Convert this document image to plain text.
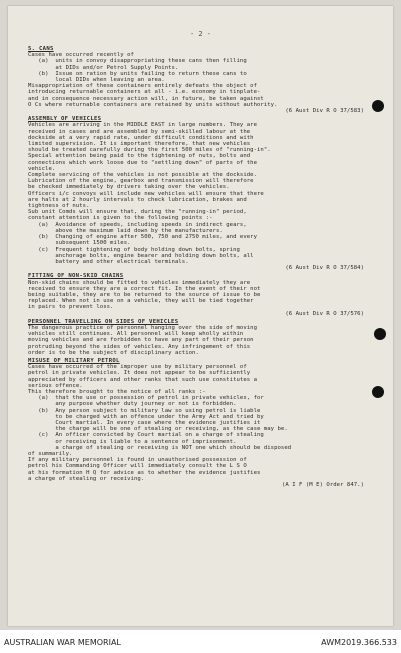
- 2 -
5. CANS
Cases have occurred recently of
(a)  units in convoy disappropriating these cans then filling
at DIDs and/or Petrol Supply Points.
(b)  Issue on ration by units failing to return these cans to
local DIDs when leaving an area.
Misappropriation of these containers entirely defeats the object of
introducing returnable containers at all - i.e. economy in tinplate-
and in consequence necessary action will, in future, be taken against
O Cs where returnable containers are retained by units without authority.
(6 Aust Div R O 37/583)
ASSEMBLY OF VEHICLES
Vehicles are arriving in the MIDDLE EAST in large numbers. They are
received in cases and are assembled by semi-skilled labour at the
dockside at a very rapid rate, under difficult conditions and with
limited supervision. It is important therefore, that new vehicles
should be treated carefully during the first 500 miles of "running-in".
Special attention being paid to the tightening of nuts, bolts and
connections which work loose due to "settling down" of parts of the
vehicle.
Complete servicing of the vehicles is not possible at the dockside.
Lubrication of the engine, gearbox and transmission will therefore
be checked immediately by drivers taking over the vehicles.
Officers i/c convoys will include new vehicles will ensure that there
are halts at 2 hourly intervals to check lubrication, brakes and
tightness of nuts.
Sub unit Comds will ensure that, during the "running-in" period,
constant attention is given to the following points :-
(a)  Avoidance of speeds, including speeds in indirect gears,
above the maximum laid down by the manufacturers.
(b)  Changing of engine after 500, 750 and 2750 miles, and every
subsequent 1500 miles.
(c)  Frequent tightening of body holding down bolts, spring
anchorage bolts, engine bearer and holding down bolts, all
battery and other electrical terminals.
(6 Aust Div R O 37/584)
FITTING OF NON-SKID CHAINS
Non-skid chains should be fitted to vehicles immediately they are
received to ensure they are a correct fit. In the event of their not
being suitable, they are to be returned to the source of issue to be
replaced. When not in use on a vehicle, they will be tied together
in pairs to prevent loss.
(6 Aust Div R O 37/576)
PERSONNEL TRAVELLING ON SIDES OF VEHICLES
The dangerous practice of personnel hanging over the side of moving
vehicles still continues. All personnel will keep wholly within
moving vehicles and are forbidden to have any part of their person
protruding beyond the sides of vehicles. Any infringement of this
order is to be the subject of disciplinary action.
MISUSE OF MILITARY PETROL
Cases have occurred of the improper use by military personnel of
petrol in private vehicles. It does not appear to be sufficiently
appreciated by officers and other ranks that such use constitutes a
serious offence.
This therefore brought to the notice of all ranks :-
(a)  that the use or possession of petrol in private vehicles, for
any purpose whether duty journey or not is forbidden.
(b)  Any person subject to military law so using petrol is liable
to be charged with an offence under the Army Act and tried by
Court martial. In every case where the evidence justifies it
the charge will be one of stealing or receiving, as the case may be.
(c)  An officer convicted by Court martial on a charge of stealing
or receiving is liable to a sentence of imprisonment.
a charge of stealing or receiving is NOT one which should be disposed
of summarily.
If any military personnel is found in unauthorised possession of
petrol his Commanding Officer will immediately consult the L S O
at his formation H Q for advice as to whether the evidence justifies
a charge of stealing or receiving.
(A I F (M E) Order 847.)
AUSTRALIAN WAR MEMORIAL	AWM2019.366.533
